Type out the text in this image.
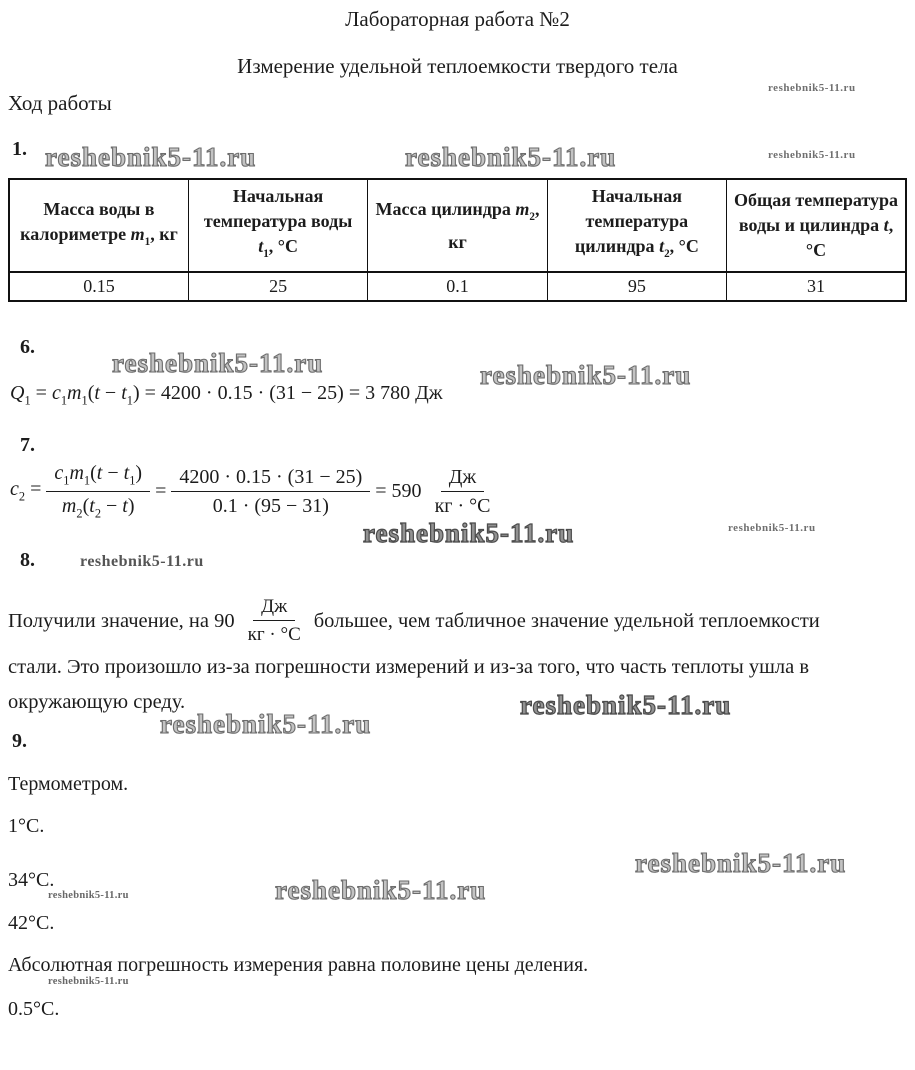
Лабораторная работа №2
Измерение удельной теплоемкости твердого тела
Ход работы
reshebnik5-11.ru
reshebnik5-11.ru	reshebnik5-11.ru	reshebnik5-11.ru
reshebnik5-11.ru	reshebnik5-11.ru
reshebnik5-11.ru	reshebnik5-11.ru
reshebnik5-11.ru
reshebnik5-11.ru
reshebnik5-11.ru
reshebnik5-11.ru
reshebnik5-11.ru
reshebnik5-11.ru
reshebnik5-11.ru
1.
Масса воды в калориметре $m_1$, кг	Начальная температура воды $t_1$, °С	Масса цилиндра $m_2$, кг	Начальная температура цилиндра $t_2$, °С	Общая температура воды и цилиндра t, °С
0.15	25	0.1	95	31
6.
$Q_1 = c_1m_1(t - t_1) = 4200 \cdot 0.15 \cdot (31 - 25) = 3$ 780 Дж
7.
$c_2 = \frac{c_1m_1(t - t_1)}{m_2(t_2 - t)} = \frac{4200 \cdot 0.15 \cdot (31 - 25)}{0.1 \cdot (95 - 31)} = 590 \frac{Дж}{кг \cdot ^\circ С}$
8.
Получили значение, на $90 \frac{Дж}{кг \cdot ^\circ С}$ большее, чем табличное значение удельной теплоемкости
стали. Это произошло из-за погрешности измерений и из-за того, что часть теплоты ушла в окружающую среду.
9.
Термометром.
1°С.
34°С.
42°С.
Абсолютная погрешность измерения равна половине цены деления.
0.5°С.
